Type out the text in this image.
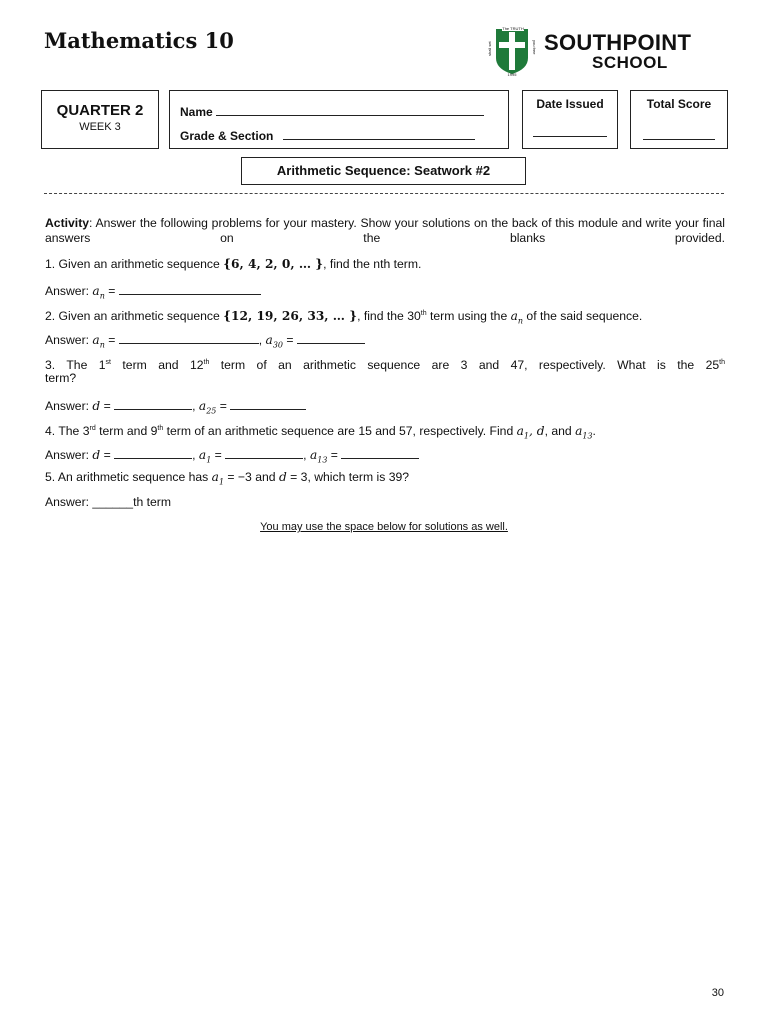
Mathematics 10	The TRUTH
shall set	you free
1995
SOUTHPOINT
SCHOOL
QUARTER 2
WEEK 3
Name
Grade & Section
Date Issued	Total Score
Arithmetic Sequence: Seatwork #2
Activity: Answer the following problems for your mastery. Show your solutions on the back of this module and write your final answers on the blanks provided.
1. Given an arithmetic sequence {6, 4, 2, 0, … }, find the nth term.
Answer: $a_n$ =
2. Given an arithmetic sequence {12, 19, 26, 33, … }, find the 30th term using the $a_n$ of the said sequence.
Answer: $a_n$ =	, $a_{30}$ =
3. The 1st term and 12th term of an arithmetic sequence are 3 and 47, respectively. What is the 25th
term?
Answer: d =	, $a_{25}$ =
4. The 3rd term and 9th term of an arithmetic sequence are 15 and 57, respectively. Find $a_1$, d, and $a_{13}$.
Answer: d =	, $a_1$ =	, $a_{13}$ =
5. An arithmetic sequence has $a_1 = -3$ and d = 3, which term is 39?
Answer: ______th term
You may use the space below for solutions as well.
30
